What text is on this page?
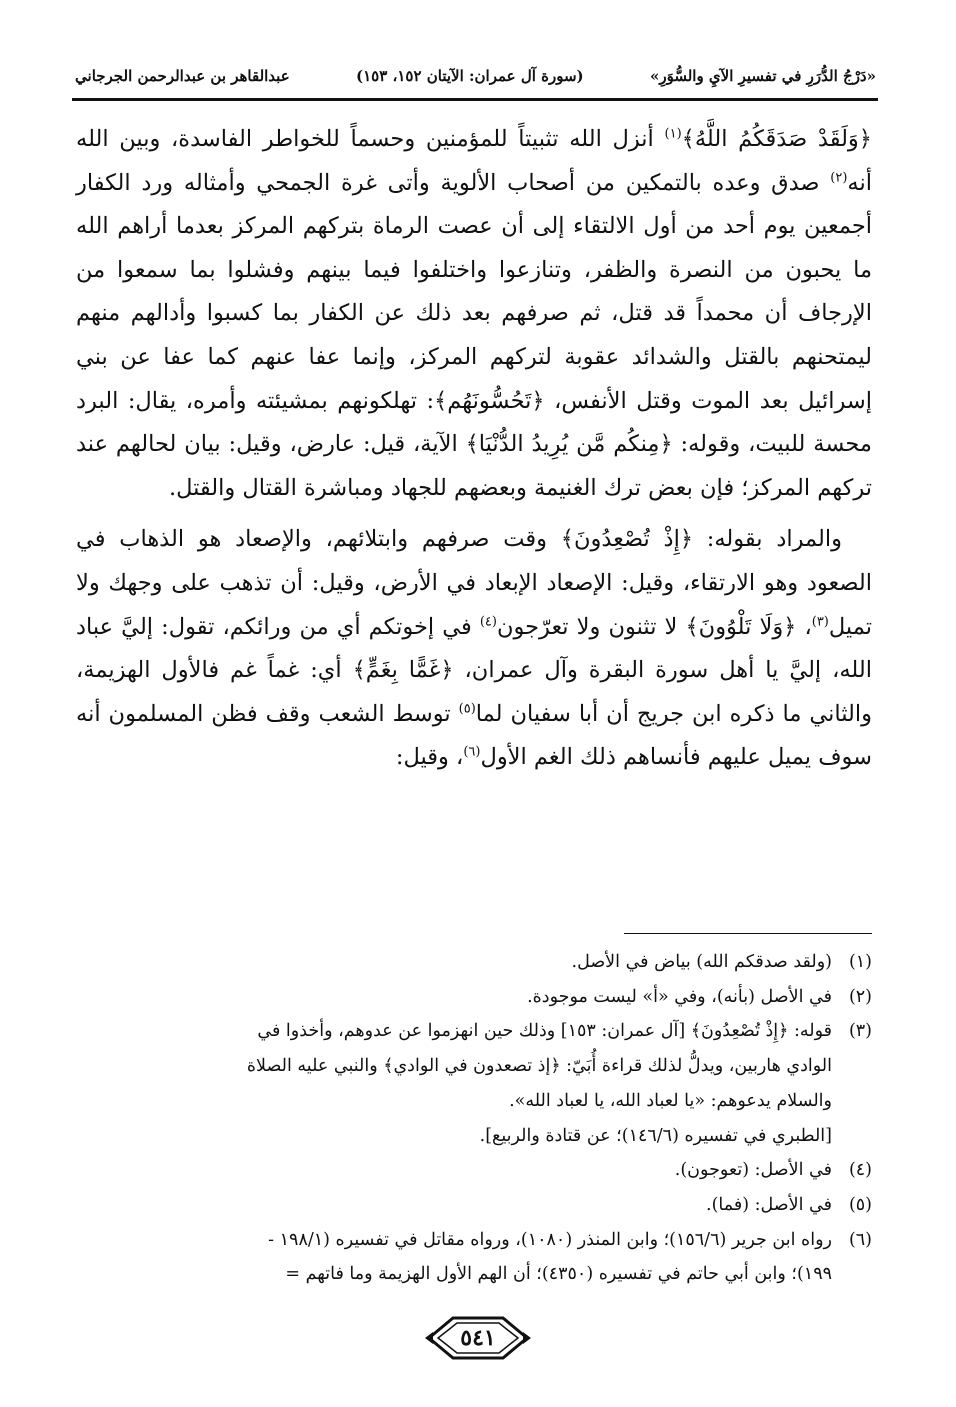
«دَرْجُ الدُّرَرِ في تفسيرِ الآيِ والسُّوَرِ»
(سورة آل عمران: الآيتان ١٥٢، ١٥٣)
عبدالقاهر بن عبدالرحمن الجرجاني

﴿وَلَقَدْ صَدَقَكُمُ اللَّهُ﴾$^{(١)}$ أنزل الله تثبيتاً للمؤمنين وحسماً للخواطر الفاسدة، وبين الله أنه$^{(٢)}$ صدق وعده بالتمكين من أصحاب الألوية وأتى غرة الجمحي وأمثاله ورد الكفار أجمعين يوم أحد من أول الالتقاء إلى أن عصت الرماة بتركهم المركز بعدما أراهم الله ما يحبون من النصرة والظفر، وتنازعوا واختلفوا فيما بينهم وفشلوا بما سمعوا من الإرجاف أن محمداً قد قتل، ثم صرفهم بعد ذلك عن الكفار بما كسبوا وأدالهم منهم ليمتحنهم بالقتل والشدائد عقوبة لتركهم المركز، وإنما عفا عنهم كما عفا عن بني إسرائيل بعد الموت وقتل الأنفس، ﴿تَحُسُّونَهُم﴾: تهلكونهم بمشيئته وأمره، يقال: البرد محسة للبيت، وقوله: ﴿مِنكُم مَّن يُرِيدُ الدُّنْيَا﴾ الآية، قيل: عارض، وقيل: بيان لحالهم عند تركهم المركز؛ فإن بعض ترك الغنيمة وبعضهم للجهاد ومباشرة القتال والقتل.

والمراد بقوله: ﴿إِذْ تُصْعِدُونَ﴾ وقت صرفهم وابتلائهم، والإصعاد هو الذهاب في الصعود وهو الارتقاء، وقيل: الإصعاد الإبعاد في الأرض، وقيل: أن تذهب على وجهك ولا تميل$^{(٣)}$، ﴿وَلَا تَلْوُونَ﴾ لا تثنون ولا تعرّجون$^{(٤)}$ في إخوتكم أي من ورائكم، تقول: إليَّ عباد الله، إليَّ يا أهل سورة البقرة وآل عمران، ﴿غَمًّا بِغَمٍّ﴾ أي: غماً غم فالأول الهزيمة، والثاني ما ذكره ابن جريج أن أبا سفيان لما$^{(٥)}$ توسط الشعب وقف فظن المسلمون أنه سوف يميل عليهم فأنساهم ذلك الغم الأول$^{(٦)}$، وقيل:

(١)
(ولقد صدقكم الله) بياض في الأصل.
(٢)
في الأصل (بأنه)، وفي «أ» ليست موجودة.
(٣)
قوله: ﴿إِذْ تُصْعِدُونَ﴾ [آل عمران: ١٥٣] وذلك حين انهزموا عن عدوهم، وأخذوا في
الوادي هاربين، ويدلُّ لذلك قراءة أُبَيّ: ﴿إذ تصعدون في الوادي﴾ والنبي عليه الصلاة
والسلام يدعوهم: «يا لعباد الله، يا لعباد الله».
[الطبري في تفسيره (١٤٦/٦)؛ عن قتادة والربيع].
(٤)
في الأصل: (تعوجون).
(٥)
في الأصل: (فما).
(٦)
رواه ابن جرير (١٥٦/٦)؛ وابن المنذر (١٠٨٠)، ورواه مقاتل في تفسيره (١٩٨/١ -
١٩٩)؛ وابن أبي حاتم في تفسيره (٤٣٥٠)؛ أن الهم الأول الهزيمة وما فاتهم =
٥٤١
